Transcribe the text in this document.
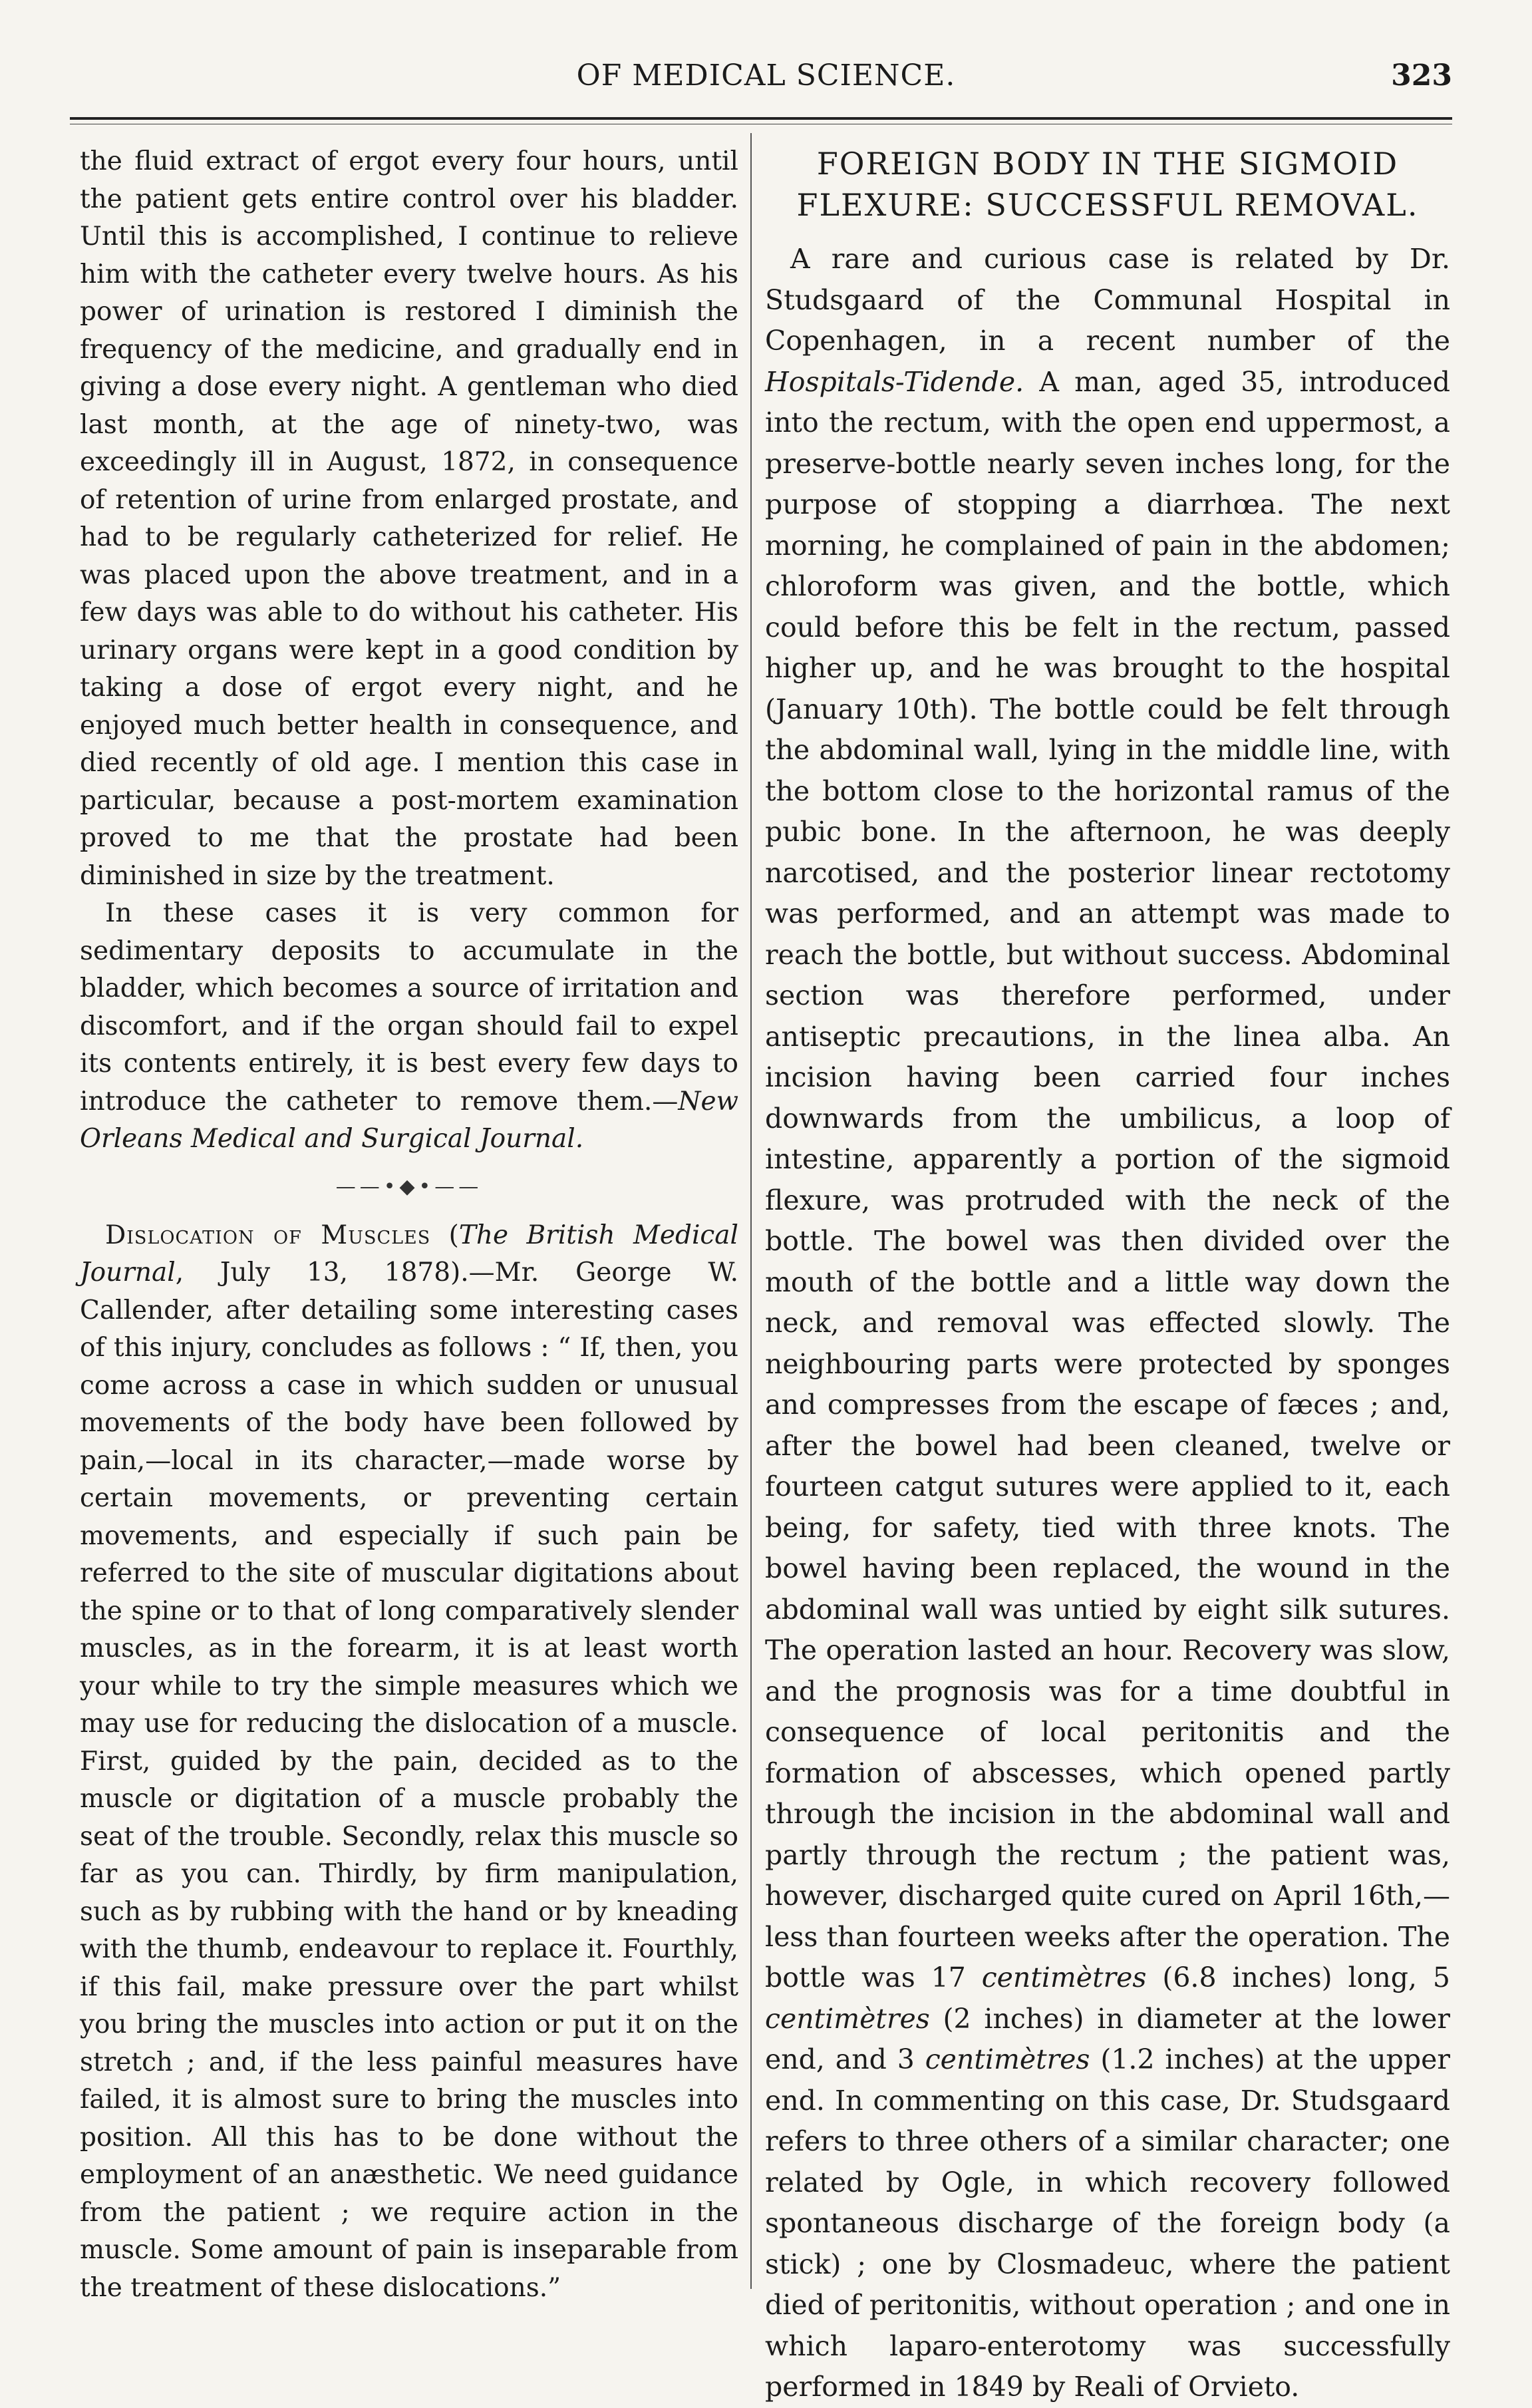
OF MEDICAL SCIENCE.	323

the fluid extract of ergot every four hours, until the patient gets entire control over his bladder. Until this is accomplished, I continue to relieve him with the catheter every twelve hours. As his power of urination is restored I diminish the frequency of the medicine, and gradually end in giving a dose every night. A gentleman who died last month, at the age of ninety-two, was exceedingly ill in August, 1872, in consequence of retention of urine from enlarged prostate, and had to be regularly catheterized for relief. He was placed upon the above treatment, and in a few days was able to do without his catheter. His urinary organs were kept in a good condition by taking a dose of ergot every night, and he enjoyed much better health in consequence, and died recently of old age. I mention this case in particular, because a post-mortem examination proved to me that the prostate had been diminished in size by the treatment.

In these cases it is very common for sedimentary deposits to accumulate in the bladder, which becomes a source of irritation and discomfort, and if the organ should fail to expel its contents entirely, it is best every few days to introduce the catheter to remove them.—New Orleans Medical and Surgical Journal.

——•◆•——

Dislocation of Muscles (The British Medical Journal, July 13, 1878).—Mr. George W. Callender, after detailing some interesting cases of this injury, concludes as follows : “ If, then, you come across a case in which sudden or unusual movements of the body have been followed by pain,—local in its character,—made worse by certain movements, or preventing certain movements, and especially if such pain be referred to the site of muscular digitations about the spine or to that of long comparatively slender muscles, as in the forearm, it is at least worth your while to try the simple measures which we may use for reducing the dislocation of a muscle. First, guided by the pain, decided as to the muscle or digitation of a muscle probably the seat of the trouble. Secondly, relax this muscle so far as you can. Thirdly, by firm manipulation, such as by rubbing with the hand or by kneading with the thumb, endeavour to replace it. Fourthly, if this fail, make pressure over the part whilst you bring the muscles into action or put it on the stretch ; and, if the less painful measures have failed, it is almost sure to bring the muscles into position. All this has to be done without the employment of an anæsthetic. We need guidance from the patient ; we require action in the muscle. Some amount of pain is inseparable from the treatment of these dislocations.”

FOREIGN BODY IN THE SIGMOID
FLEXURE: SUCCESSFUL REMOVAL.

A rare and curious case is related by Dr. Studsgaard of the Communal Hospital in Copenhagen, in a recent number of the Hospitals-Tidende. A man, aged 35, introduced into the rectum, with the open end uppermost, a preserve-bottle nearly seven inches long, for the purpose of stopping a diarrhœa. The next morning, he complained of pain in the abdomen; chloroform was given, and the bottle, which could before this be felt in the rectum, passed higher up, and he was brought to the hospital (January 10th). The bottle could be felt through the abdominal wall, lying in the middle line, with the bottom close to the horizontal ramus of the pubic bone. In the afternoon, he was deeply narcotised, and the posterior linear rectotomy was performed, and an attempt was made to reach the bottle, but without success. Abdominal section was therefore performed, under antiseptic precautions, in the linea alba. An incision having been carried four inches downwards from the umbilicus, a loop of intestine, apparently a portion of the sigmoid flexure, was protruded with the neck of the bottle. The bowel was then divided over the mouth of the bottle and a little way down the neck, and removal was effected slowly. The neighbouring parts were protected by sponges and compresses from the escape of fæces ; and, after the bowel had been cleaned, twelve or fourteen catgut sutures were applied to it, each being, for safety, tied with three knots. The bowel having been replaced, the wound in the abdominal wall was untied by eight silk sutures. The operation lasted an hour. Recovery was slow, and the prognosis was for a time doubtful in consequence of local peritonitis and the formation of abscesses, which opened partly through the incision in the abdominal wall and partly through the rectum ; the patient was, however, discharged quite cured on April 16th,—less than fourteen weeks after the operation. The bottle was 17 centimètres (6.8 inches) long, 5 centimètres (2 inches) in diameter at the lower end, and 3 centimètres (1.2 inches) at the upper end. In commenting on this case, Dr. Studsgaard refers to three others of a similar character; one related by Ogle, in which recovery followed spontaneous discharge of the foreign body (a stick) ; one by Closmadeuc, where the patient died of peritonitis, without operation ; and one in which laparo-enterotomy was successfully performed in 1849 by Reali of Orvieto.
